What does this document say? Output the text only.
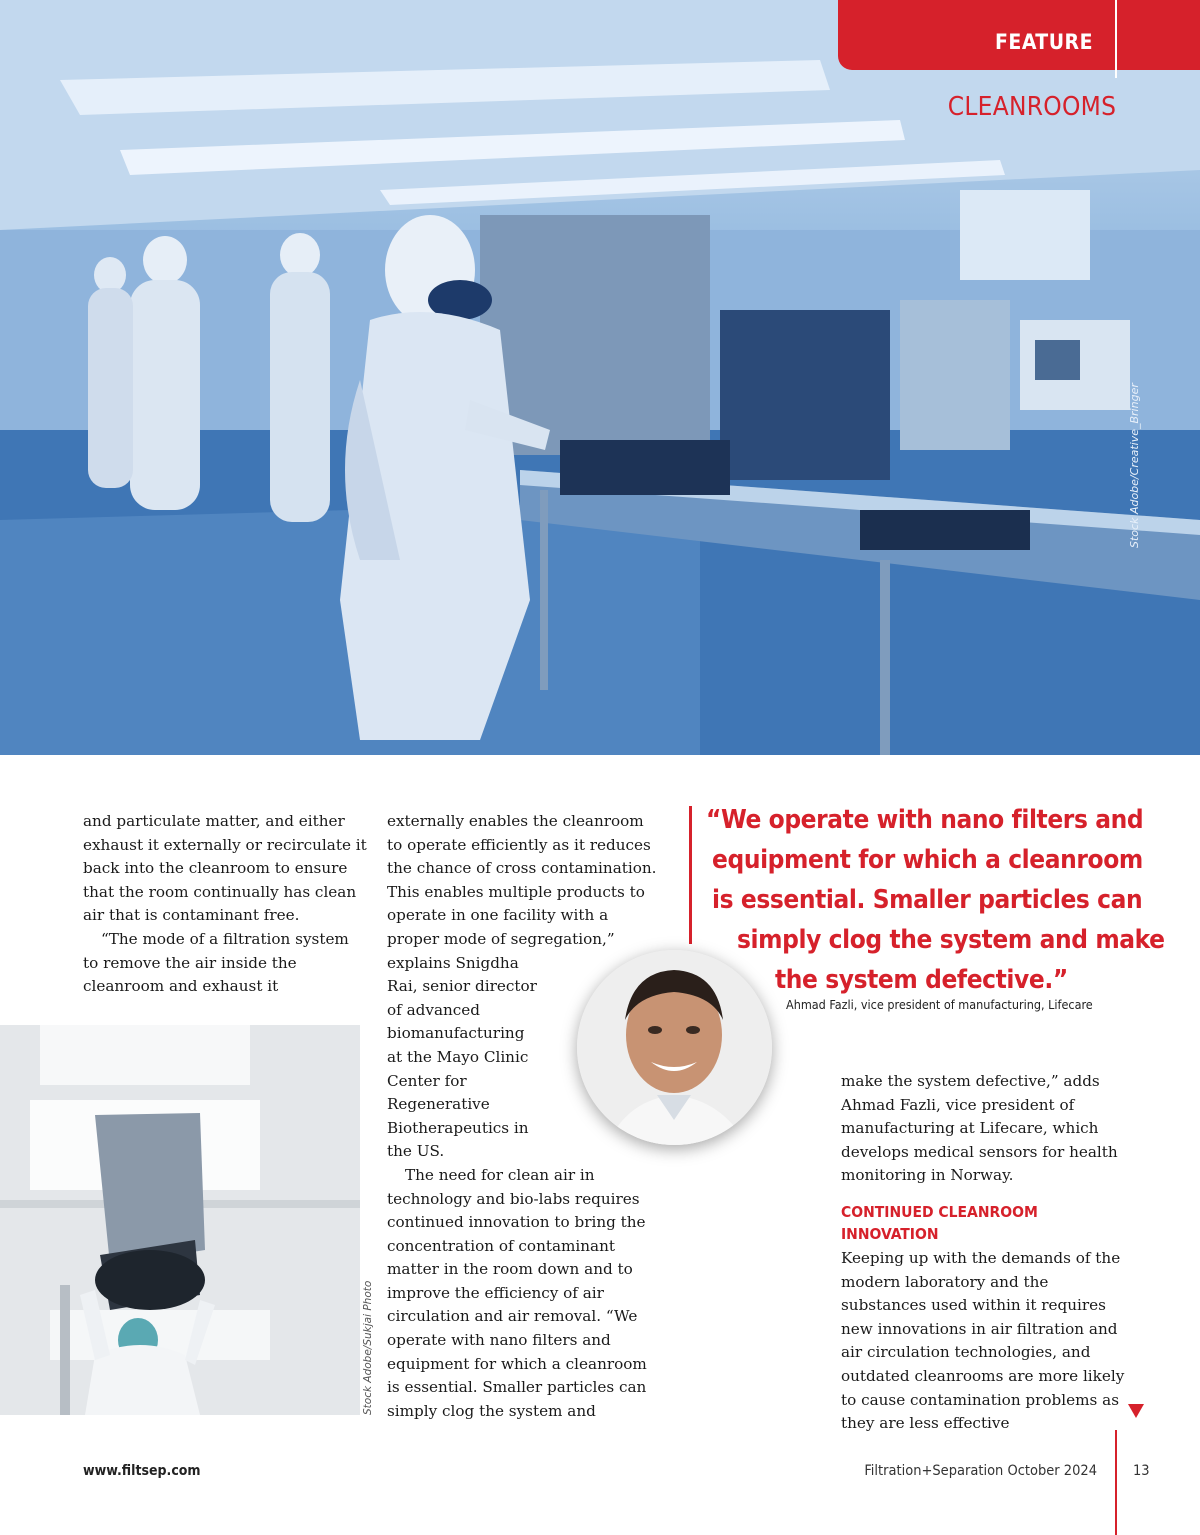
FEATURE
CLEANROOMS
Stock Adobe/Creative_Bringer

and particulate matter, and either exhaust it externally or recirculate it back into the cleanroom to ensure that the room continually has clean air that is contaminant free.

“The mode of a filtration system to remove the air inside the cleanroom and exhaust it

Stock Adobe/Sukjai Photo

externally enables the cleanroom to operate efficiently as it reduces the chance of cross contamination. This enables multiple products to operate in one facility with a proper mode of segregation,”

explains Snigdha Rai, senior director of advanced biomanufacturing at the Mayo Clinic Center for Regenerative Biotherapeutics in the US.

The need for clean air in technology and bio-labs requires continued innovation to bring the concentration of contaminant matter in the room down and to improve the efficiency of air circulation and air removal. “We operate with nano filters and equipment for which a cleanroom is essential. Smaller particles can simply clog the system and

“We operate with nano filters and
equipment for which a cleanroom
is essential. Smaller particles can
simply clog the system and make
the system defective.”
Ahmad Fazli, vice president of manufacturing, Lifecare

make the system defective,” adds Ahmad Fazli, vice president of manufacturing at Lifecare, which develops medical sensors for health monitoring in Norway.

CONTINUED CLEANROOM INNOVATION

Keeping up with the demands of the modern laboratory and the substances used within it requires new innovations in air filtration and air circulation technologies, and outdated cleanrooms are more likely to cause contamination problems as they are less effective

www.filtsep.com	Filtration+Separation October 2024 13
